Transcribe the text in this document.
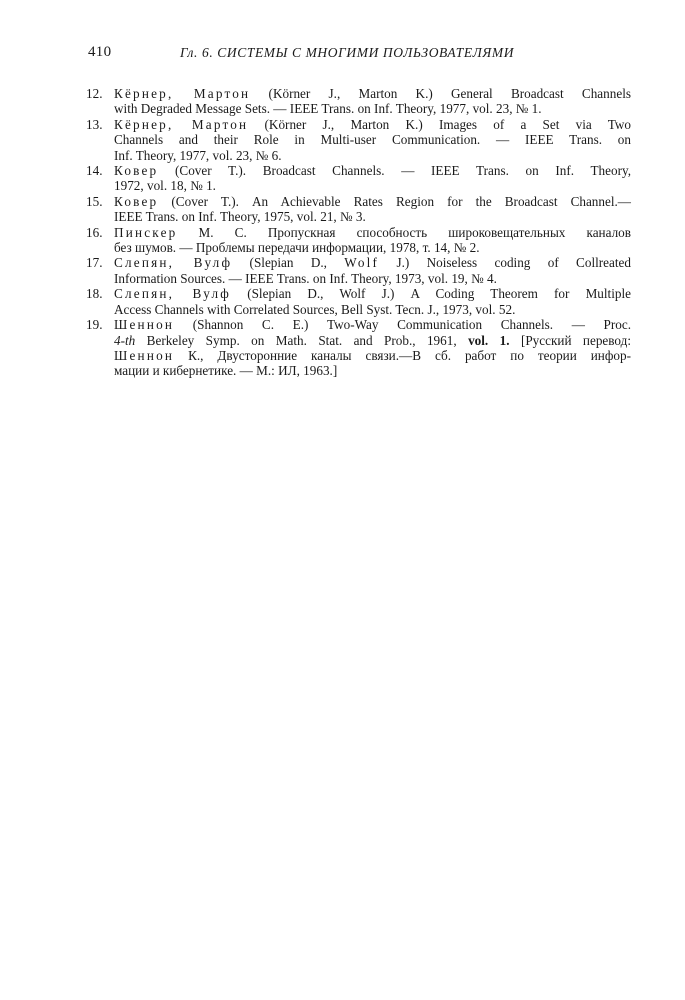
410	Гл. 6. СИСТЕМЫ С МНОГИМИ ПОЛЬЗОВАТЕЛЯМИ
12. Кёрнер, Мартон (Körner J., Marton K.) General Broadcast Channels
with Degraded Message Sets. — IEEE Trans. on Inf. Theory, 1977, vol. 23, № 1.
13. Кёрнер, Мартон (Körner J., Marton K.) Images of a Set via Two
Channels and their Role in Multi-user Communication. — IEEE Trans. on
Inf. Theory, 1977, vol. 23, № 6.
14. Ковер (Cover T.). Broadcast Channels. — IEEE Trans. on Inf. Theory,
1972, vol. 18, № 1.
15. Ковер (Cover T.). An Achievable Rates Region for the Broadcast Channel.—
IEEE Trans. on Inf. Theory, 1975, vol. 21, № 3.
16. Пинскер М. С. Пропускная способность широковещательных каналов
без шумов. — Проблемы передачи информации, 1978, т. 14, № 2.
17. Слепян, Вулф (Slepian D., Wolf J.) Noiseless coding of Collreated
Information Sources. — IEEE Trans. on Inf. Theory, 1973, vol. 19, № 4.
18. Слепян, Вулф (Slepian D., Wolf J.) A Coding Theorem for Multiple
Access Channels with Correlated Sources, Bell Syst. Tecn. J., 1973, vol. 52.
19. Шеннон (Shannon C. E.) Two-Way Communication Channels. — Proc.
4-th Berkeley Symp. on Math. Stat. and Prob., 1961, vol. 1. [Русский перевод:
Шеннон К., Двусторонние каналы связи.—В сб. работ по теории инфор-
мации и кибернетике. — М.: ИЛ, 1963.]
